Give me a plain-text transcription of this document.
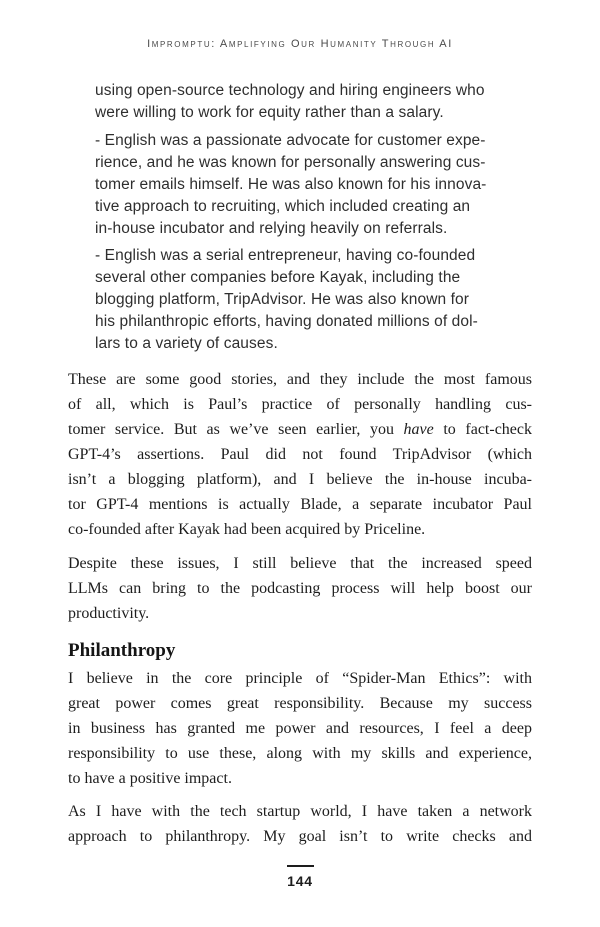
Impromptu: Amplifying Our Humanity Through AI
using open-source technology and hiring engineers who
were willing to work for equity rather than a salary.
- English was a passionate advocate for customer expe-
rience, and he was known for personally answering cus-
tomer emails himself. He was also known for his innova-
tive approach to recruiting, which included creating an
in-house incubator and relying heavily on referrals.
- English was a serial entrepreneur, having co-founded
several other companies before Kayak, including the
blogging platform, TripAdvisor. He was also known for
his philanthropic efforts, having donated millions of dol-
lars to a variety of causes.
These are some good stories, and they include the most famous
of all, which is Paul’s practice of personally handling cus-
tomer service. But as we’ve seen earlier, you have to fact-check
GPT-4’s assertions. Paul did not found TripAdvisor (which
isn’t a blogging platform), and I believe the in-house incuba-
tor GPT-4 mentions is actually Blade, a separate incubator Paul
co-founded after Kayak had been acquired by Priceline.
Despite these issues, I still believe that the increased speed
LLMs can bring to the podcasting process will help boost our
productivity.
Philanthropy
I believe in the core principle of “Spider-Man Ethics”: with
great power comes great responsibility. Because my success
in business has granted me power and resources, I feel a deep
responsibility to use these, along with my skills and experience,
to have a positive impact.
As I have with the tech startup world, I have taken a network
approach to philanthropy. My goal isn’t to write checks and
144
